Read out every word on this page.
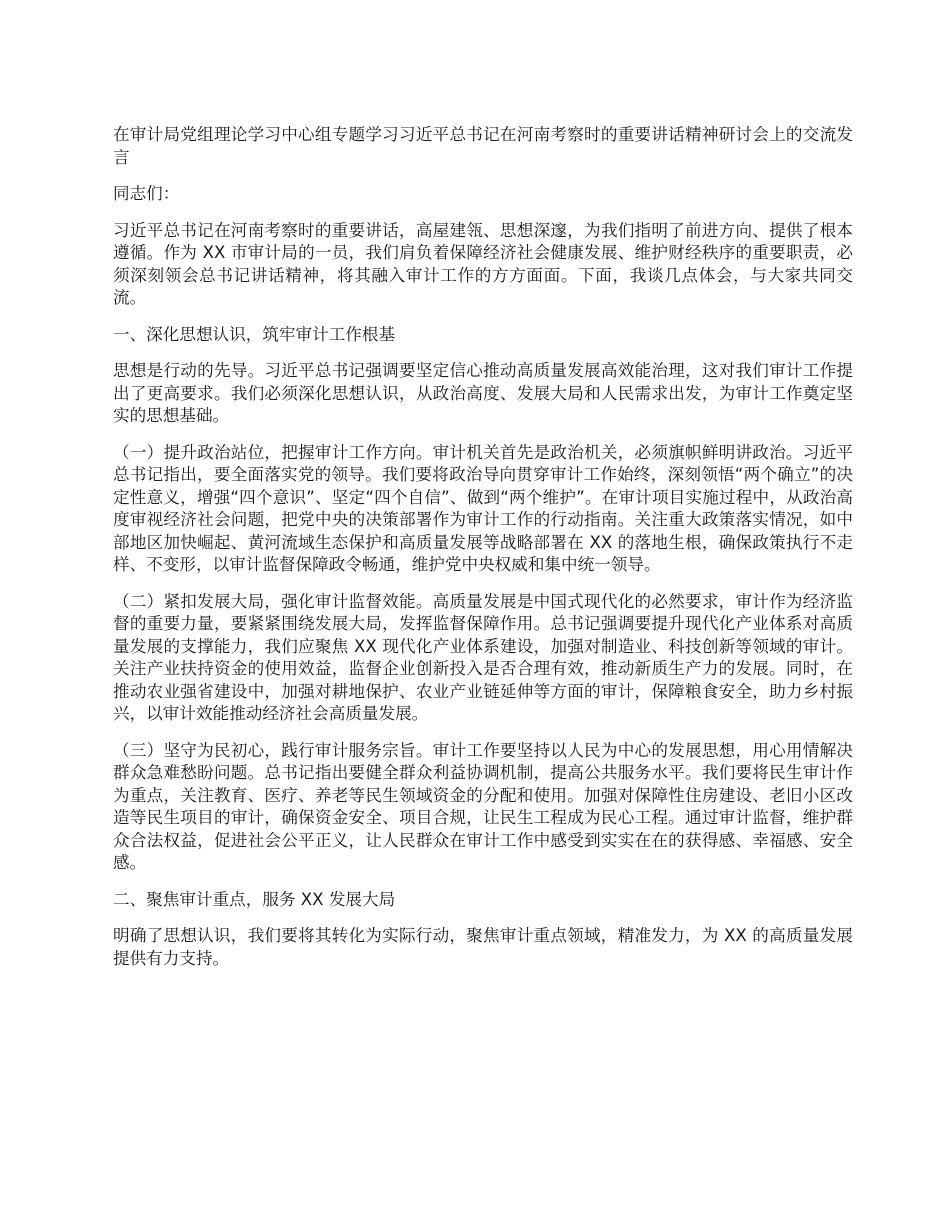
在审计局党组理论学习中心组专题学习习近平总书记在河南考察时的重要讲话精神研讨会上的交流发言

同志们：

习近平总书记在河南考察时的重要讲话，高屋建瓴、思想深邃，为我们指明了前进方向、提供了根本遵循。作为 XX 市审计局的一员，我们肩负着保障经济社会健康发展、维护财经秩序的重要职责，必须深刻领会总书记讲话精神，将其融入审计工作的方方面面。下面，我谈几点体会，与大家共同交流。

一、深化思想认识，筑牢审计工作根基

思想是行动的先导。习近平总书记强调要坚定信心推动高质量发展高效能治理，这对我们审计工作提出了更高要求。我们必须深化思想认识，从政治高度、发展大局和人民需求出发，为审计工作奠定坚实的思想基础。

（一）提升政治站位，把握审计工作方向。审计机关首先是政治机关，必须旗帜鲜明讲政治。习近平总书记指出，要全面落实党的领导。我们要将政治导向贯穿审计工作始终，深刻领悟“两个确立”的决定性意义，增强“四个意识”、坚定“四个自信”、做到“两个维护”。在审计项目实施过程中，从政治高度审视经济社会问题，把党中央的决策部署作为审计工作的行动指南。关注重大政策落实情况，如中部地区加快崛起、黄河流域生态保护和高质量发展等战略部署在 XX 的落地生根，确保政策执行不走样、不变形，以审计监督保障政令畅通，维护党中央权威和集中统一领导。

（二）紧扣发展大局，强化审计监督效能。高质量发展是中国式现代化的必然要求，审计作为经济监督的重要力量，要紧紧围绕发展大局，发挥监督保障作用。总书记强调要提升现代化产业体系对高质量发展的支撑能力，我们应聚焦 XX 现代化产业体系建设，加强对制造业、科技创新等领域的审计。关注产业扶持资金的使用效益，监督企业创新投入是否合理有效，推动新质生产力的发展。同时，在推动农业强省建设中，加强对耕地保护、农业产业链延伸等方面的审计，保障粮食安全，助力乡村振兴，以审计效能推动经济社会高质量发展。

（三）坚守为民初心，践行审计服务宗旨。审计工作要坚持以人民为中心的发展思想，用心用情解决群众急难愁盼问题。总书记指出要健全群众利益协调机制，提高公共服务水平。我们要将民生审计作为重点，关注教育、医疗、养老等民生领域资金的分配和使用。加强对保障性住房建设、老旧小区改造等民生项目的审计，确保资金安全、项目合规，让民生工程成为民心工程。通过审计监督，维护群众合法权益，促进社会公平正义，让人民群众在审计工作中感受到实实在在的获得感、幸福感、安全感。

二、聚焦审计重点，服务 XX 发展大局

明确了思想认识，我们要将其转化为实际行动，聚焦审计重点领域，精准发力，为 XX 的高质量发展提供有力支持。
